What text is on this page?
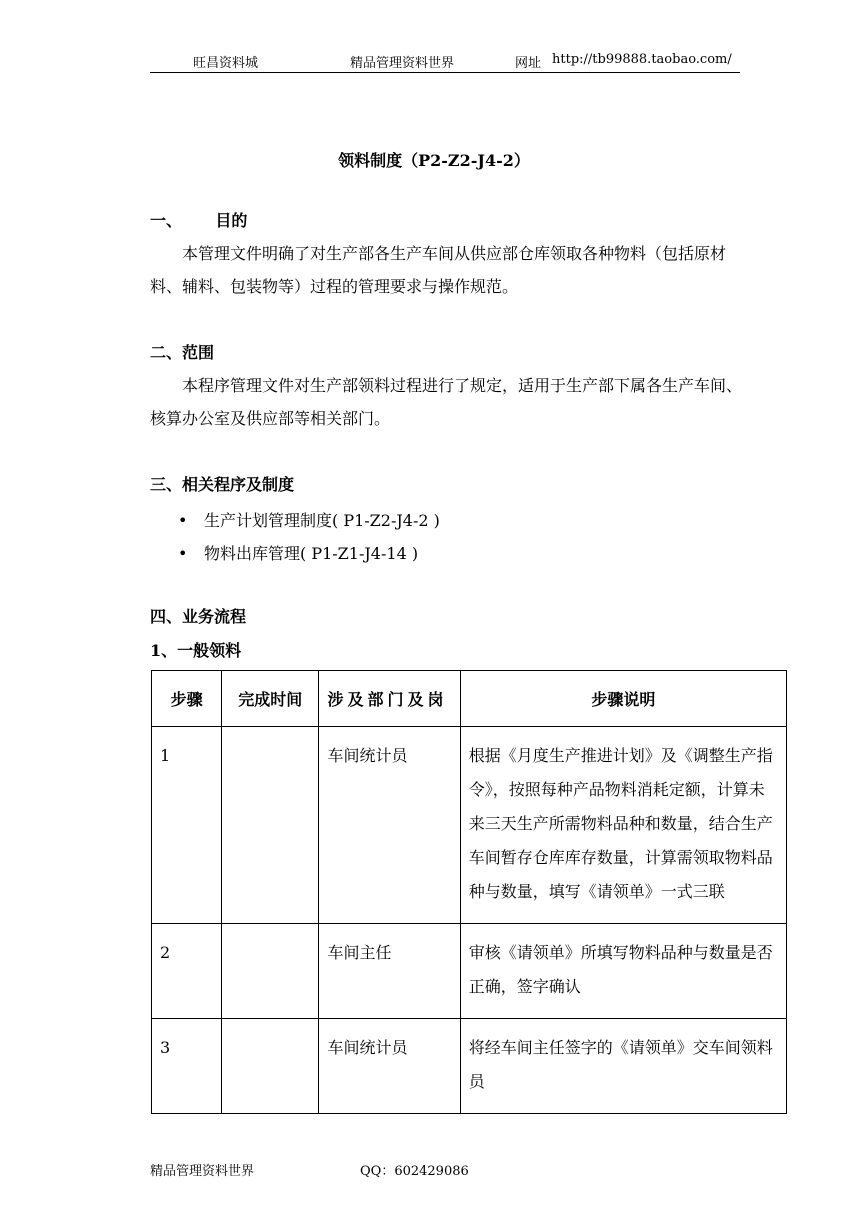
旺昌资料城	精品管理资料世界	网址 http://tb99888.taobao.com/
领料制度（P2-Z2-J4-2）
一、      目的
本管理文件明确了对生产部各生产车间从供应部仓库领取各种物料（包括原材料、辅料、包装物等）过程的管理要求与操作规范。
二、范围
本程序管理文件对生产部领料过程进行了规定，适用于生产部下属各生产车间、核算办公室及供应部等相关部门。
三、相关程序及制度
• 生产计划管理制度( P1-Z2-J4-2 )
• 物料出库管理( P1-Z1-J4-14 )
四、业务流程
1、一般领料
步骤	完成时间	涉及部门及岗	步骤说明
1		车间统计员	根据《月度生产推进计划》及《调整生产指令》，按照每种产品物料消耗定额，计算未来三天生产所需物料品种和数量，结合生产车间暂存仓库库存数量，计算需领取物料品种与数量，填写《请领单》一式三联
2		车间主任	审核《请领单》所填写物料品种与数量是否正确，签字确认
3		车间统计员	将经车间主任签字的《请领单》交车间领料员
精品管理资料世界	QQ：602429086
